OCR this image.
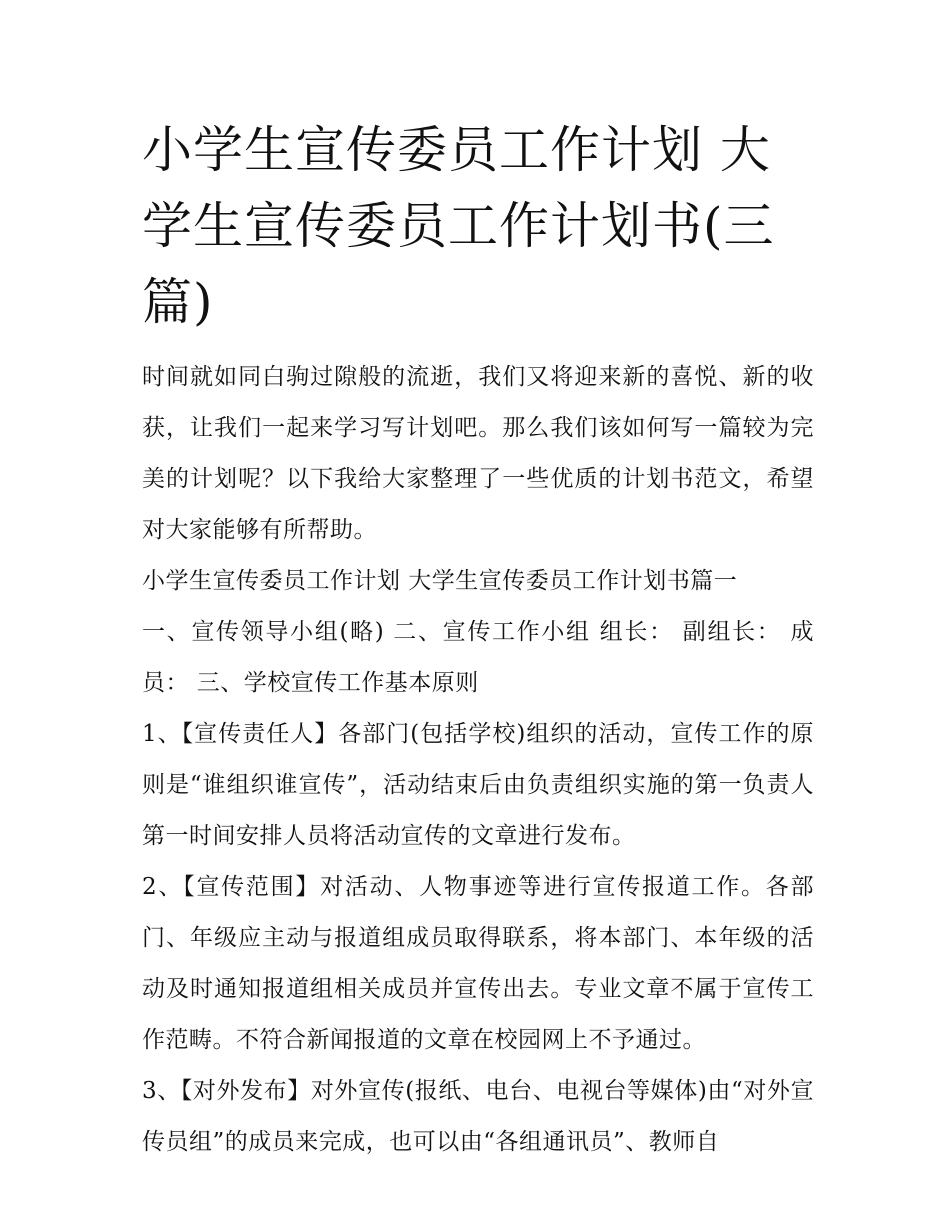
小学生宣传委员工作计划 大学生宣传委员工作计划书(三篇)

时间就如同白驹过隙般的流逝，我们又将迎来新的喜悦、新的收获，让我们一起来学习写计划吧。那么我们该如何写一篇较为完美的计划呢？以下我给大家整理了一些优质的计划书范文，希望对大家能够有所帮助。

小学生宣传委员工作计划 大学生宣传委员工作计划书篇一

一、宣传领导小组(略) 二、宣传工作小组 组长： 副组长： 成员： 三、学校宣传工作基本原则

1、【宣传责任人】各部门(包括学校)组织的活动，宣传工作的原则是“谁组织谁宣传”，活动结束后由负责组织实施的第一负责人第一时间安排人员将活动宣传的文章进行发布。

2、【宣传范围】对活动、人物事迹等进行宣传报道工作。各部门、年级应主动与报道组成员取得联系，将本部门、本年级的活动及时通知报道组相关成员并宣传出去。专业文章不属于宣传工作范畴。不符合新闻报道的文章在校园网上不予通过。

3、【对外发布】对外宣传(报纸、电台、电视台等媒体)由“对外宣传员组”的成员来完成，也可以由“各组通讯员”、教师自
